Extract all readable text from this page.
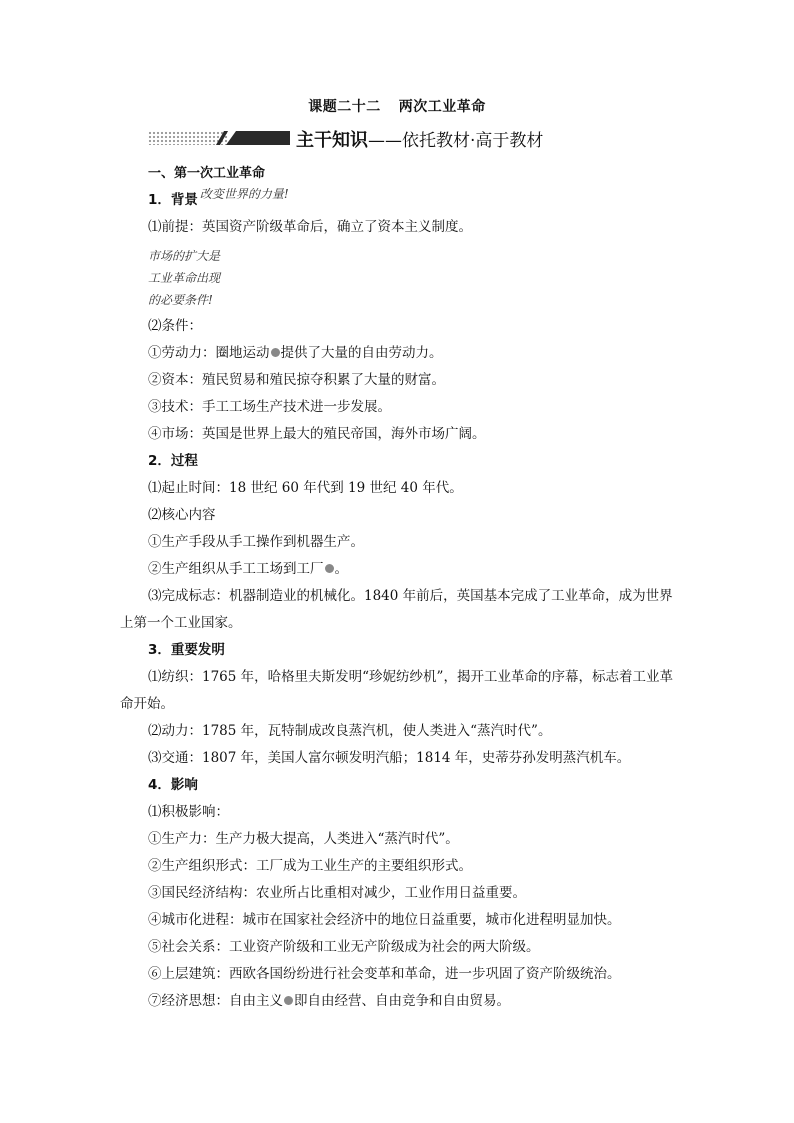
课题二十二 两次工业革命
主干知识——依托教材·高于教材

一、第一次工业革命

1．背景 改变世界的力量!

⑴前提：英国资产阶级革命后，确立了资本主义制度。

市场的扩大是
工业革命出现
的必要条件!

⑵条件：

①劳动力：圈地运动 提供了大量的自由劳动力。

②资本：殖民贸易和殖民掠夺积累了大量的财富。

③技术：手工工场生产技术进一步发展。

④市场：英国是世界上最大的殖民帝国，海外市场广阔。

2．过程

⑴起止时间：18 世纪 60 年代到 19 世纪 40 年代。

⑵核心内容

①生产手段从手工操作到机器生产。

②生产组织从手工工场到工厂 。

⑶完成标志：机器制造业的机械化。1840 年前后，英国基本完成了工业革命，成为世界上第一个工业国家。

3．重要发明

⑴纺织：1765 年，哈格里夫斯发明“珍妮纺纱机”，揭开工业革命的序幕，标志着工业革命开始。

⑵动力：1785 年，瓦特制成改良蒸汽机，使人类进入“蒸汽时代”。

⑶交通：1807 年，美国人富尔顿发明汽船；1814 年，史蒂芬孙发明蒸汽机车。

4．影响

⑴积极影响：

①生产力：生产力极大提高，人类进入“蒸汽时代”。

②生产组织形式：工厂成为工业生产的主要组织形式。

③国民经济结构：农业所占比重相对减少，工业作用日益重要。

④城市化进程：城市在国家社会经济中的地位日益重要，城市化进程明显加快。

⑤社会关系：工业资产阶级和工业无产阶级成为社会的两大阶级。

⑥上层建筑：西欧各国纷纷进行社会变革和革命，进一步巩固了资产阶级统治。

⑦经济思想：自由主义 即自由经营、自由竞争和自由贸易。
